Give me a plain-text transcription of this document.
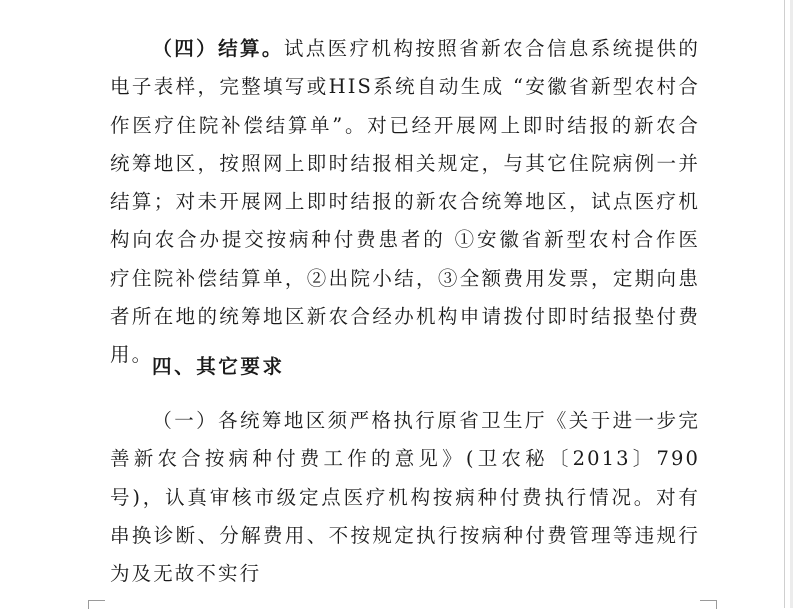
（四）结算。试点医疗机构按照省新农合信息系统提供的电子表样，完整填写或HIS系统自动生成 “安徽省新型农村合作医疗住院补偿结算单”。对已经开展网上即时结报的新农合统筹地区，按照网上即时结报相关规定，与其它住院病例一并结算；对未开展网上即时结报的新农合统筹地区，试点医疗机构向农合办提交按病种付费患者的 ①安徽省新型农村合作医疗住院补偿结算单，②出院小结，③全额费用发票，定期向患者所在地的统筹地区新农合经办机构申请拨付即时结报垫付费用。
四、其它要求
（一）各统筹地区须严格执行原省卫生厅《关于进一步完善新农合按病种付费工作的意见》(卫农秘〔2013〕790号)，认真审核市级定点医疗机构按病种付费执行情况。对有串换诊断、分解费用、不按规定执行按病种付费管理等违规行为及无故不实行
